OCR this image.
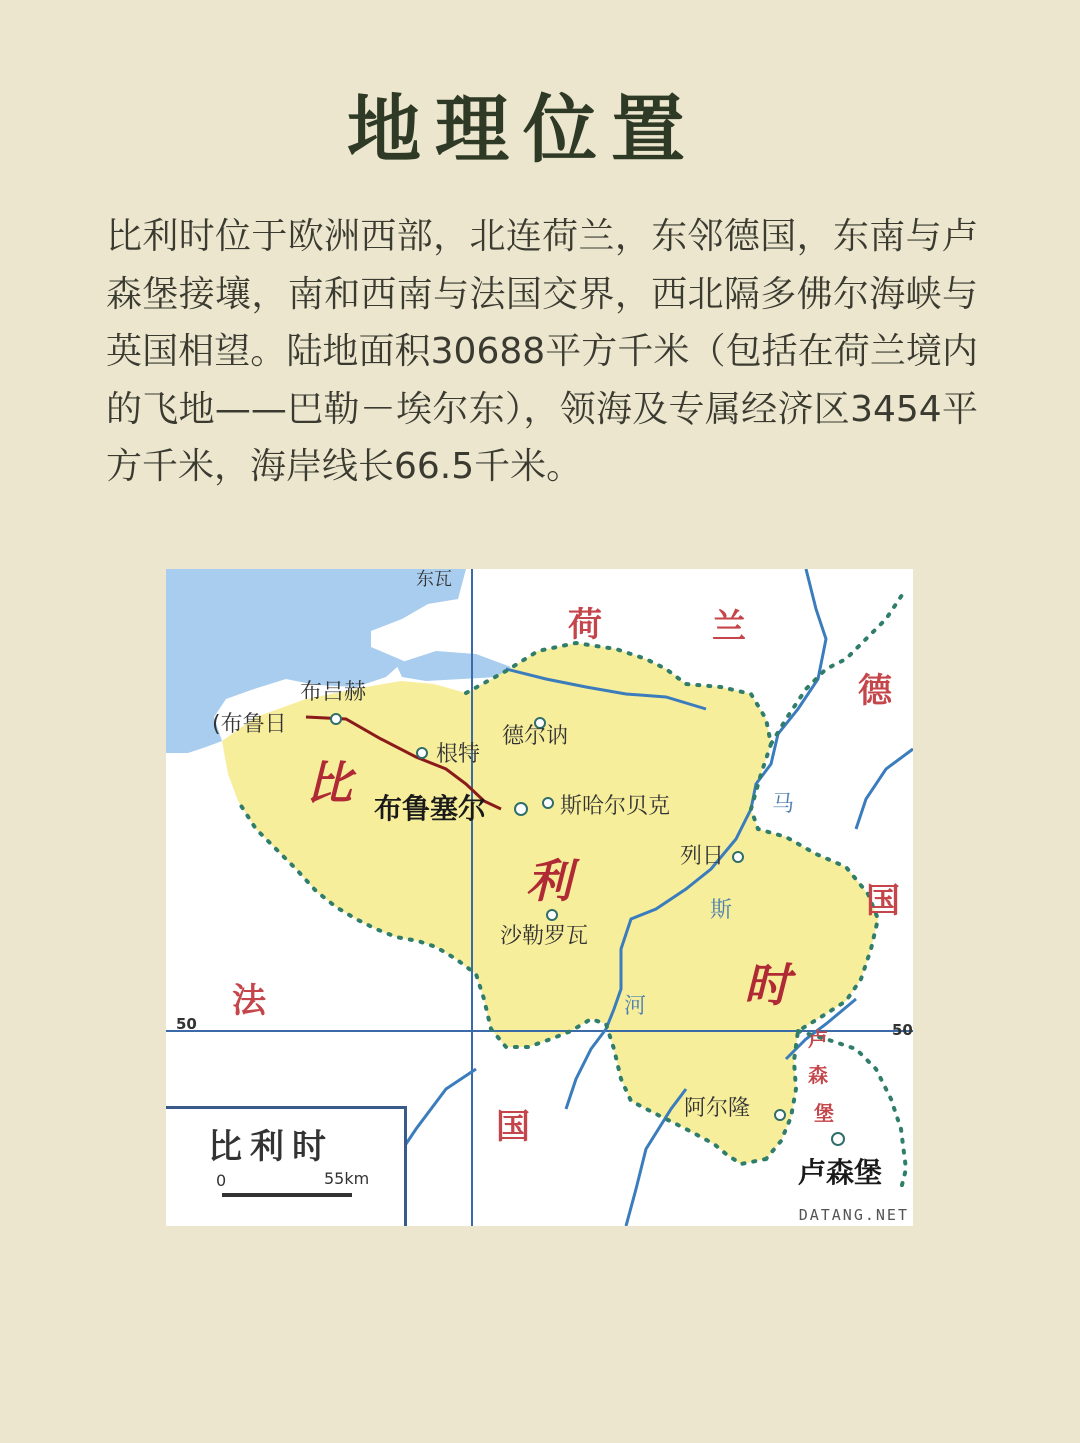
地理位置
比利时位于欧洲西部，北连荷兰，东邻德国，东南与卢森堡接壤，南和西南与法国交界，西北隔多佛尔海峡与英国相望。陆地面积30688平方千米（包括在荷兰境内的飞地——巴勒－埃尔东），领海及专属经济区3454平方千米，海岸线长66.5千米。
荷	兰
德
国
法
国
比
利
时
卢
森
堡
东瓦
布吕赫
(布鲁日
根特
德尔讷
布鲁塞尔	斯哈尔贝克
列日
沙勒罗瓦
阿尔隆
卢森堡
马
斯
河
50	50
比利时
0	55km
DATANG.NET
